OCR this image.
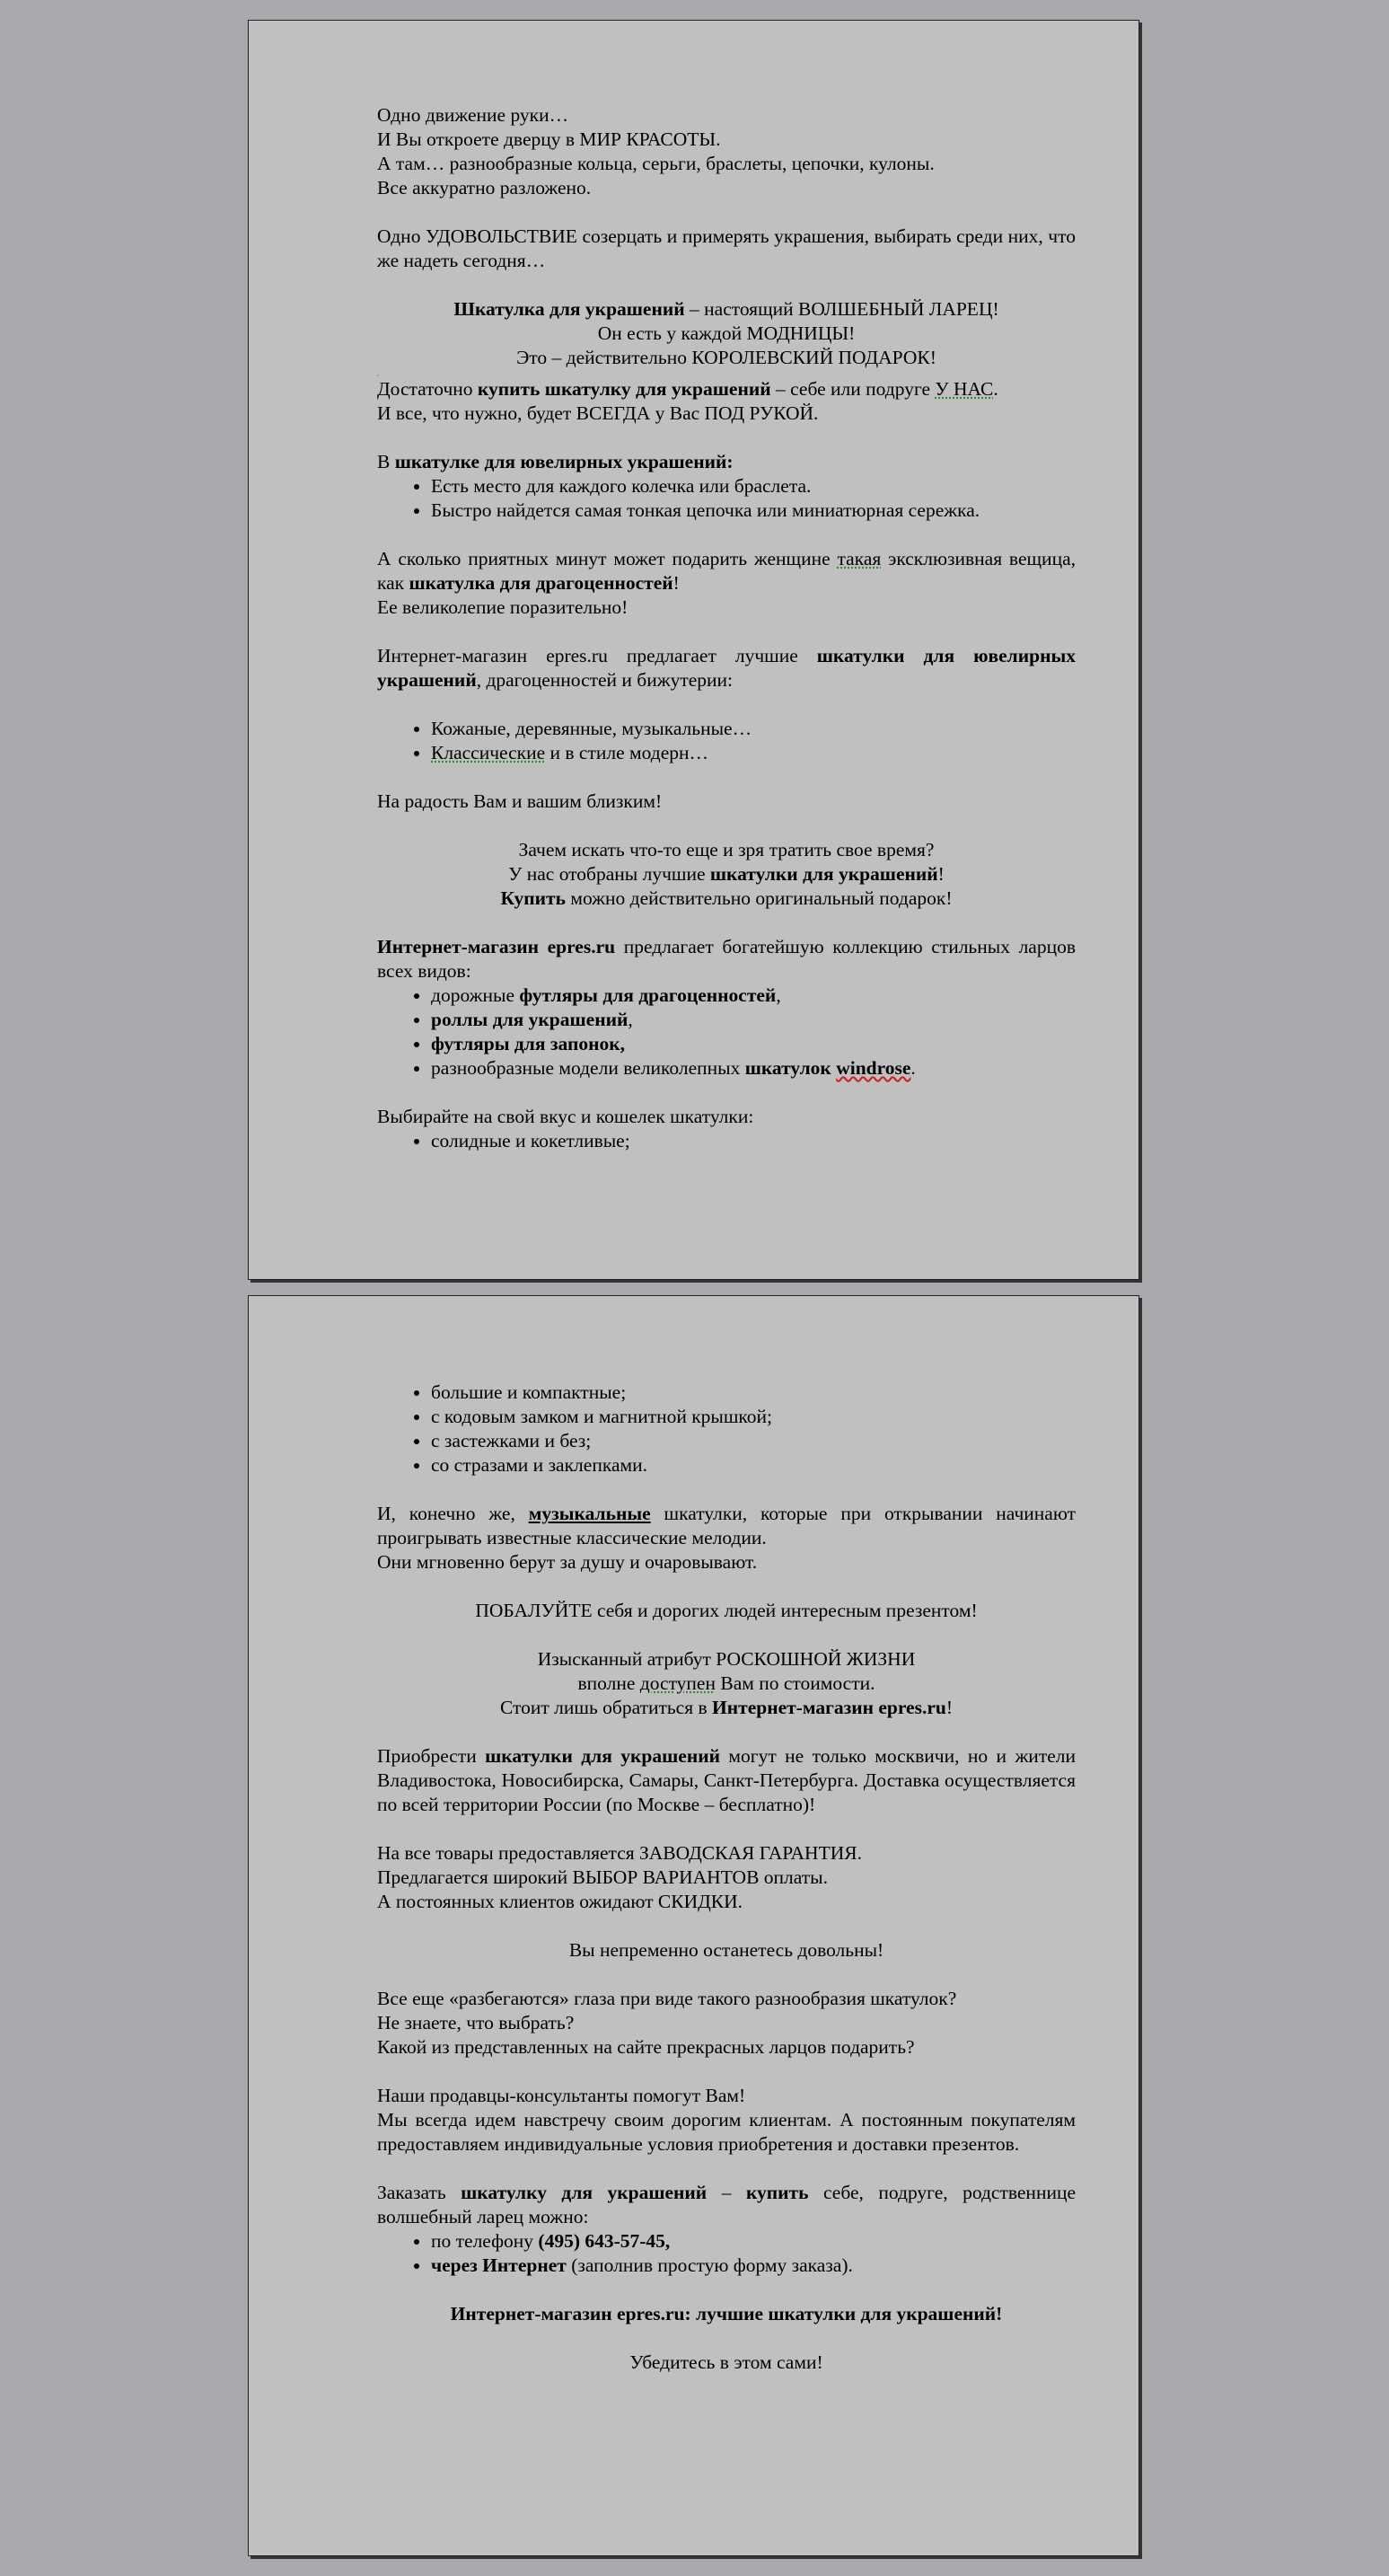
Одно движение руки…

И Вы откроете дверцу в МИР КРАСОТЫ.

А там… разнообразные кольца, серьги, браслеты, цепочки, кулоны.

Все аккуратно разложено.

Одно УДОВОЛЬСТВИЕ созерцать и примерять украшения, выбирать среди них, что же надеть сегодня…

Шкатулка для украшений – настоящий ВОЛШЕБНЫЙ ЛАРЕЦ!

Он есть у каждой МОДНИЦЫ!

Это – действительно КОРОЛЕВСКИЙ ПОДАРОК!

,

Достаточно купить шкатулку для украшений – себе или подруге У НАС.

И все, что нужно, будет ВСЕГДА у Вас ПОД РУКОЙ.

В шкатулке для ювелирных украшений:

• Есть место для каждого колечка или браслета.
• Быстро найдется самая тонкая цепочка или миниатюрная сережка.

А сколько приятных минут может подарить женщине такая эксклюзивная вещица, как шкатулка для драгоценностей!

Ее великолепие поразительно!

Интернет-магазин epres.ru предлагает лучшие шкатулки для ювелирных украшений, драгоценностей и бижутерии:

• Кожаные, деревянные, музыкальные…
• Классические и в стиле модерн…

На радость Вам и вашим близким!

Зачем искать что-то еще и зря тратить свое время?

У нас отобраны лучшие шкатулки для украшений!

Купить можно действительно оригинальный подарок!

Интернет-магазин epres.ru предлагает богатейшую коллекцию стильных ларцов всех видов:

• дорожные футляры для драгоценностей,
• роллы для украшений,
• футляры для запонок,
• разнообразные модели великолепных шкатулок windrose.

Выбирайте на свой вкус и кошелек шкатулки:

• солидные и кокетливые;
• большие и компактные;
• с кодовым замком и магнитной крышкой;
• с застежками и без;
• со стразами и заклепками.

И, конечно же, музыкальные шкатулки, которые при открывании начинают проигрывать известные классические мелодии.

Они мгновенно берут за душу и очаровывают.

ПОБАЛУЙТЕ себя и дорогих людей интересным презентом!

Изысканный атрибут РОСКОШНОЙ ЖИЗНИ

вполне доступен Вам по стоимости.

Стоит лишь обратиться в Интернет-магазин epres.ru!

Приобрести шкатулки для украшений могут не только москвичи, но и жители Владивостока, Новосибирска, Самары, Санкт-Петербурга. Доставка осуществляется по всей территории России (по Москве – бесплатно)!

На все товары предоставляется ЗАВОДСКАЯ ГАРАНТИЯ.

Предлагается широкий ВЫБОР ВАРИАНТОВ оплаты.

А постоянных клиентов ожидают СКИДКИ.

Вы непременно останетесь довольны!

Все еще «разбегаются» глаза при виде такого разнообразия шкатулок?

Не знаете, что выбрать?

Какой из представленных на сайте прекрасных ларцов подарить?

Наши продавцы-консультанты помогут Вам!

Мы всегда идем навстречу своим дорогим клиентам. А постоянным покупателям предоставляем индивидуальные условия приобретения и доставки презентов.

Заказать шкатулку для украшений – купить себе, подруге, родственнице волшебный ларец можно:

• по телефону (495) 643-57-45,
• через Интернет (заполнив простую форму заказа).

Интернет-магазин epres.ru: лучшие шкатулки для украшений!

Убедитесь в этом сами!
